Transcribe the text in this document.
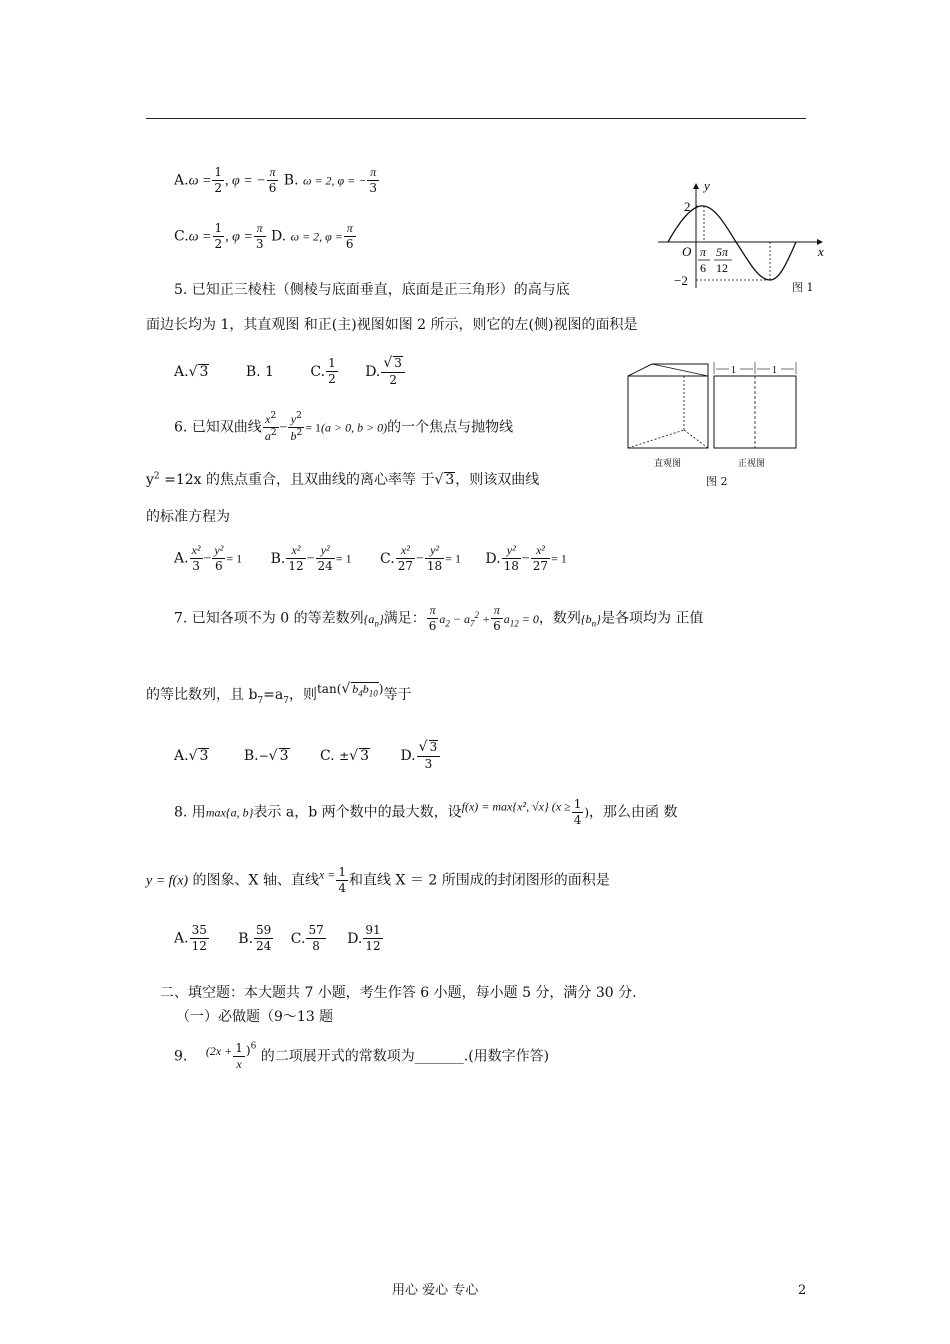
$A.\omega = \frac{1}{2}$ , φ = − $\frac{\pi}{6} B$. ω = 2, φ = − $\frac{\pi}{3}$
$C.\omega = \frac{1}{2}$ , $\varphi = \frac{\pi}{3} D$. ω = 2, $\varphi = \frac{\pi}{6}$
y
x
O
2
−2
π
6
5π
12
图 1
5. 已知正三棱柱（侧棱与底面垂直，底面是正三角形）的高与底
面边长均为 1，其直观图 和正(主)视图如图 2 所示，则它的左(侧)视图的面积是
A.√ 3	B. 1	C. $\frac{1}{2} D$. $\frac{√ 3}{2}$	1	1
直观图	正视图
图 2
6. 已知双曲线 $\frac{x^2}{a^2} - \frac{y^2}{b^2} = 1(a > 0$, b > 0)的一个焦点与抛物线
$y^2 =12x$ 的焦点重合，且双曲线的离心率等 于√ 3，则该双曲线
的标准方程为
A. $\frac{\text{x²}}{3} - \frac{\text{y²}}{6} = 1$ B. $\frac{\text{x²}}{12} - \frac{\text{y²}}{24} = 1$ C. $\frac{\text{x²}}{27} - \frac{\text{y²}}{18} = 1$ D. $\frac{\text{y²}}{18} - \frac{\text{x²}}{27} = 1$
7. 已知各项不为 0 的等差数列$\{a_n\}$满足： $\frac{\pi}{6} a_2 - a_7^2 + \frac{\pi}{6} a_{12} = 0$，数列$\{b_n\}$是各项均为 正值
的等比数列，且 $b_7=a_7$，则tan(√ $b_4b_{10}$)等于
A.√ 3	B.−√ 3 C. ±√ 3 D. $\frac{√ 3}{3}$
8. 用max{a, b}表示 a，b 两个数中的最大数，设f(x) = max{x², √x} ($x \ge \frac{1}{4}$ )，那么由函 数
y = f(x) 的图象、X 轴、直线$x = \frac{1}{4}$ 和直线 X ＝ 2 所围成的封闭图形的面积是
A. $\frac{35}{12} B$. $\frac{59}{24} C$. $\frac{57}{8} D$. $\frac{91}{12}$
二、填空题：本大题共 7 小题，考生作答 6 小题，每小题 5 分，满分 30 分.
（一）必做题（9～13 题
9. $(2x + \frac{1}{x} )^6$ 的二项展开式的常数项为_______.(用数字作答)
用心 爱心 专心	2
